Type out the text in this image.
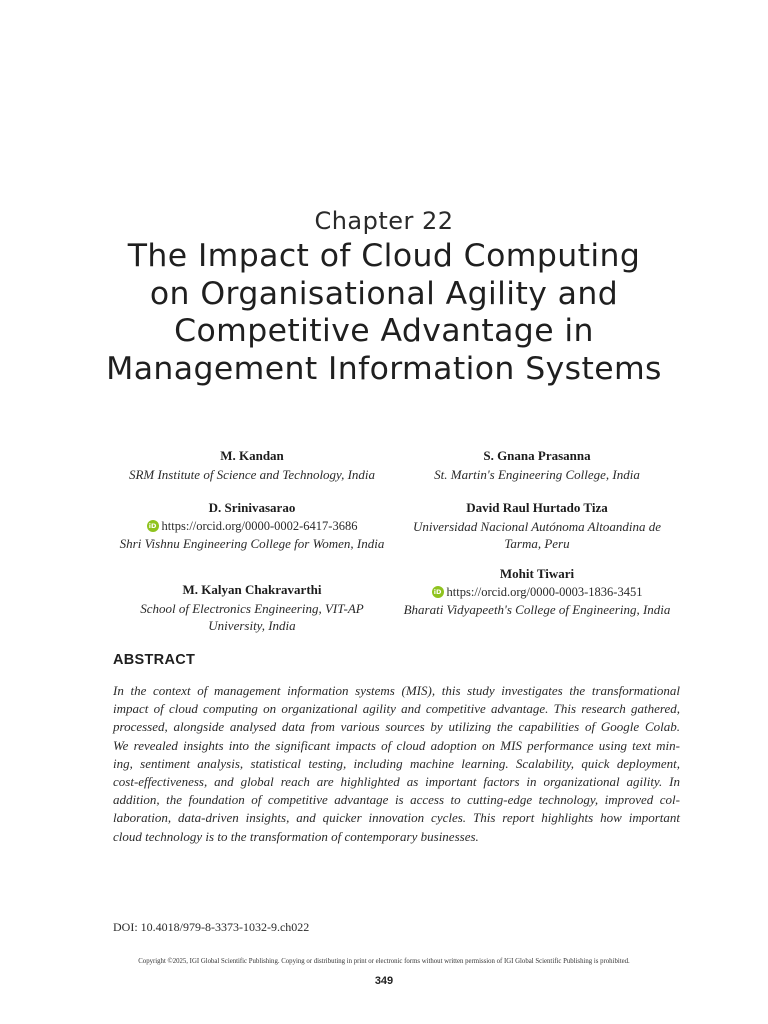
Chapter 22
The Impact of Cloud Computing on Organisational Agility and Competitive Advantage in Management Information Systems
M. Kandan
SRM Institute of Science and Technology, India
D. Srinivasarao
iD https://orcid.org/0000-0002-6417-3686
Shri Vishnu Engineering College for Women, India
M. Kalyan Chakravarthi
School of Electronics Engineering, VIT-AP University, India
S. Gnana Prasanna
St. Martin's Engineering College, India
David Raul Hurtado Tiza
Universidad Nacional Autónoma Altoandina de Tarma, Peru
Mohit Tiwari
iD https://orcid.org/0000-0003-1836-3451
Bharati Vidyapeeth's College of Engineering, India
ABSTRACT
In the context of management information systems (MIS), this study investigates the transformational
impact of cloud computing on organizational agility and competitive advantage. This research gathered,
processed, alongside analysed data from various sources by utilizing the capabilities of Google Colab.
We revealed insights into the significant impacts of cloud adoption on MIS performance using text min-
ing, sentiment analysis, statistical testing, including machine learning. Scalability, quick deployment,
cost-effectiveness, and global reach are highlighted as important factors in organizational agility. In
addition, the foundation of competitive advantage is access to cutting-edge technology, improved col-
laboration, data-driven insights, and quicker innovation cycles. This report highlights how important
cloud technology is to the transformation of contemporary businesses.
DOI: 10.4018/979-8-3373-1032-9.ch022
Copyright ©2025, IGI Global Scientific Publishing. Copying or distributing in print or electronic forms without written permission of IGI Global Scientific Publishing is prohibited.
349
